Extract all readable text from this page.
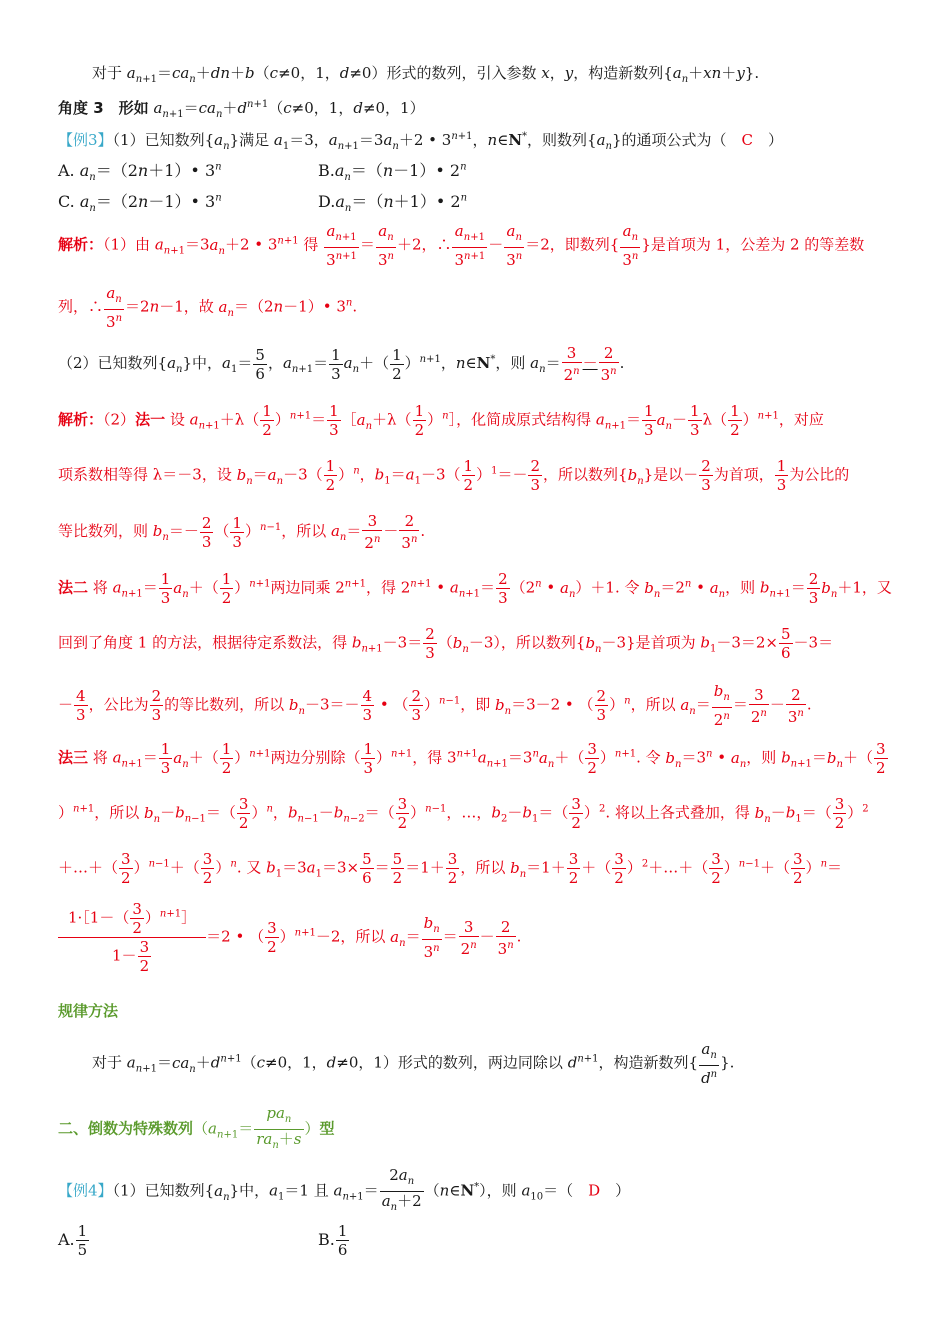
对于 $a_{n+1}=ca_n+dn+b(c\ne 0$，1，d≠0）形式的数列，引入参数 x，y，构造新数列$\{a_n+xn+y\}$.
角度 3　形如 $a_{n+1}=ca_n+d^{n+1}(c\ne 0$，1，d≠0，1）
【例3】（1）已知数列$\{a_n\}$满足 $a_1=3$，$a_{n+1}=3a_n+2$ • $3^{n+1}$，n∈N*，则数列$\{a_n\}$的通项公式为（　C　）
A. $a_n=(2n+1)•$ 3$^n$	$B.a_n=(n-1)•$ 2$^n$
C. $a_n=(2n-1)•$ 3$^n$	$D.a_n=(n+1)•$ 2$^n$
解析：（1）由 $a_{n+1}=3a_n+2$ • $3^{n+1}$ 得 $\frac{a_{n+1}}{3^{n+1}} = \frac{a_n}{3^n} +2$，∴ $\frac{a_{n+1}}{3^{n+1}} - \frac{a_n}{3^n} =2$，即数列{ $\frac{a_n}{3^n}$ }是首项为 1，公差为 2 的等差数
列，∴ $\frac{a_n}{3^n} =2n-1$，故 $a_n=(2n-1)•$ 3$^n$.
（2）已知数列$\{a_n\}$中，$a_1= \frac{5}{6}$ ，$a_{n+1}= \frac{1}{3} a_n+( \frac{1}{2} )^{n+1}$，n∈N*，则 $a_n= \frac{3}{2^n} - \frac{2}{3^n}$ .
解析：（2）法一 设 $a_{n+1}+\lambda( \frac{1}{2} )^{n+1}= \frac{1}{3}$ $[a_n+\lambda( \frac{1}{2}$ ）$^n$］，化简成原式结构得 $a_{n+1}= \frac{1}{3} a_n- \frac{1}{3} \lambda( \frac{1}{2} )^{n+1}$，对应
项系数相等得 λ＝－3，设 $b_n=a_n-3( \frac{1}{2} )^n$，$b_1=a_1-3( \frac{1}{2} )^1=- \frac{2}{3}$ ，所以数列$\{b_n\}$是以－ $\frac{2}{3}$ 为首项， $\frac{1}{3}$ 为公比的
等比数列，则 $b_n=- \frac{2}{3}$ （ $\frac{1}{3} )^{n-1}$，所以 $a_n= \frac{3}{2^n} - \frac{2}{3^n}$ .
法二 将 $a_{n+1}= \frac{1}{3} a_n+( \frac{1}{2} )^{n+1}$两边同乘 $2^{n+1}$，得 $2^{n+1}$ • $a_{n+1}= \frac{2}{3} (2^n$ • $a_n)+1$. 令 $b_n=2^n$ • $a_n$，则 $b_{n+1}= \frac{2}{3} b_n+1$，又
回到了角度 1 的方法，根据待定系数法，得 $b_{n+1}-3= \frac{2}{3} (b_n-3)$，所以数列$\{b_n-3\}$是首项为 $b_1-3=2\times \frac{5}{6} -3=$
－ $\frac{4}{3}$ ，公比为 $\frac{2}{3}$ 的等比数列，所以 $b_n-3=- \frac{4}{3}$ • （ $\frac{2}{3} )^{n-1}$，即 $b_n=3-2$ • （ $\frac{2}{3} )^n$，所以 $a_n= \frac{b_n}{2^n} = \frac{3}{2^n} - \frac{2}{3^n}$ .
法三 将 $a_{n+1}= \frac{1}{3} a_n+( \frac{1}{2} )^{n+1}$两边分别除（ $\frac{1}{3} )^{n+1}$，得 $3^{n+1}a_{n+1}=3^na_n+( \frac{3}{2} )^{n+1}$. 令 $b_n=3^n$ • $a_n$，则 $b_{n+1}=b_n+( \frac{3}{2}$
）$^{n+1}$，所以 $b_n-b_{n-1}=( \frac{3}{2} )^n$，$b_{n-1}-b_{n-2}=( \frac{3}{2} )^{n-1}$，…，$b_2-b_1=( \frac{3}{2} )^2$. 将以上各式叠加，得 $b_n-b_1=( \frac{3}{2} )^2$
＋…＋（ $\frac{3}{2} )^{n-1}+( \frac{3}{2} )^n$. 又 $b_1=3a_1=3\times \frac{5}{6} = \frac{5}{2} =1+ \frac{3}{2}$ ，所以 $b_n=1+ \frac{3}{2}$ ＋（ $\frac{3}{2}$ ）$^2$＋…＋（ $\frac{3}{2} )^{n-1}+( \frac{3}{2} )^n=$
$\frac{1\cdot[1-( \frac{3}{2} )^{n+1}]}{1- \frac{3}{2}} =2$ • （ $\frac{3}{2} )^{n+1}-2$，所以 $a_n= \frac{b_n}{3^n} = \frac{3}{2^n} - \frac{2}{3^n}$ .
规律方法
对于 $a_{n+1}=ca_n+d^{n+1}(c\ne 0$，1，d≠0，1）形式的数列，两边同除以 $d^{n+1}$，构造新数列{ $\frac{a_n}{d^n}$ }.
二、倒数为特殊数列（$a_{n+1}= \frac{pa_n}{ra_n+s}$ ）型
【例4】（1）已知数列$\{a_n\}$中，$a_1=1$ 且 $a_{n+1}= \frac{2a_n}{a_n+2}$ （n∈N*），则 $a_{10}=$（　D　）
A. $\frac{1}{5}$	B. $\frac{1}{6}$
